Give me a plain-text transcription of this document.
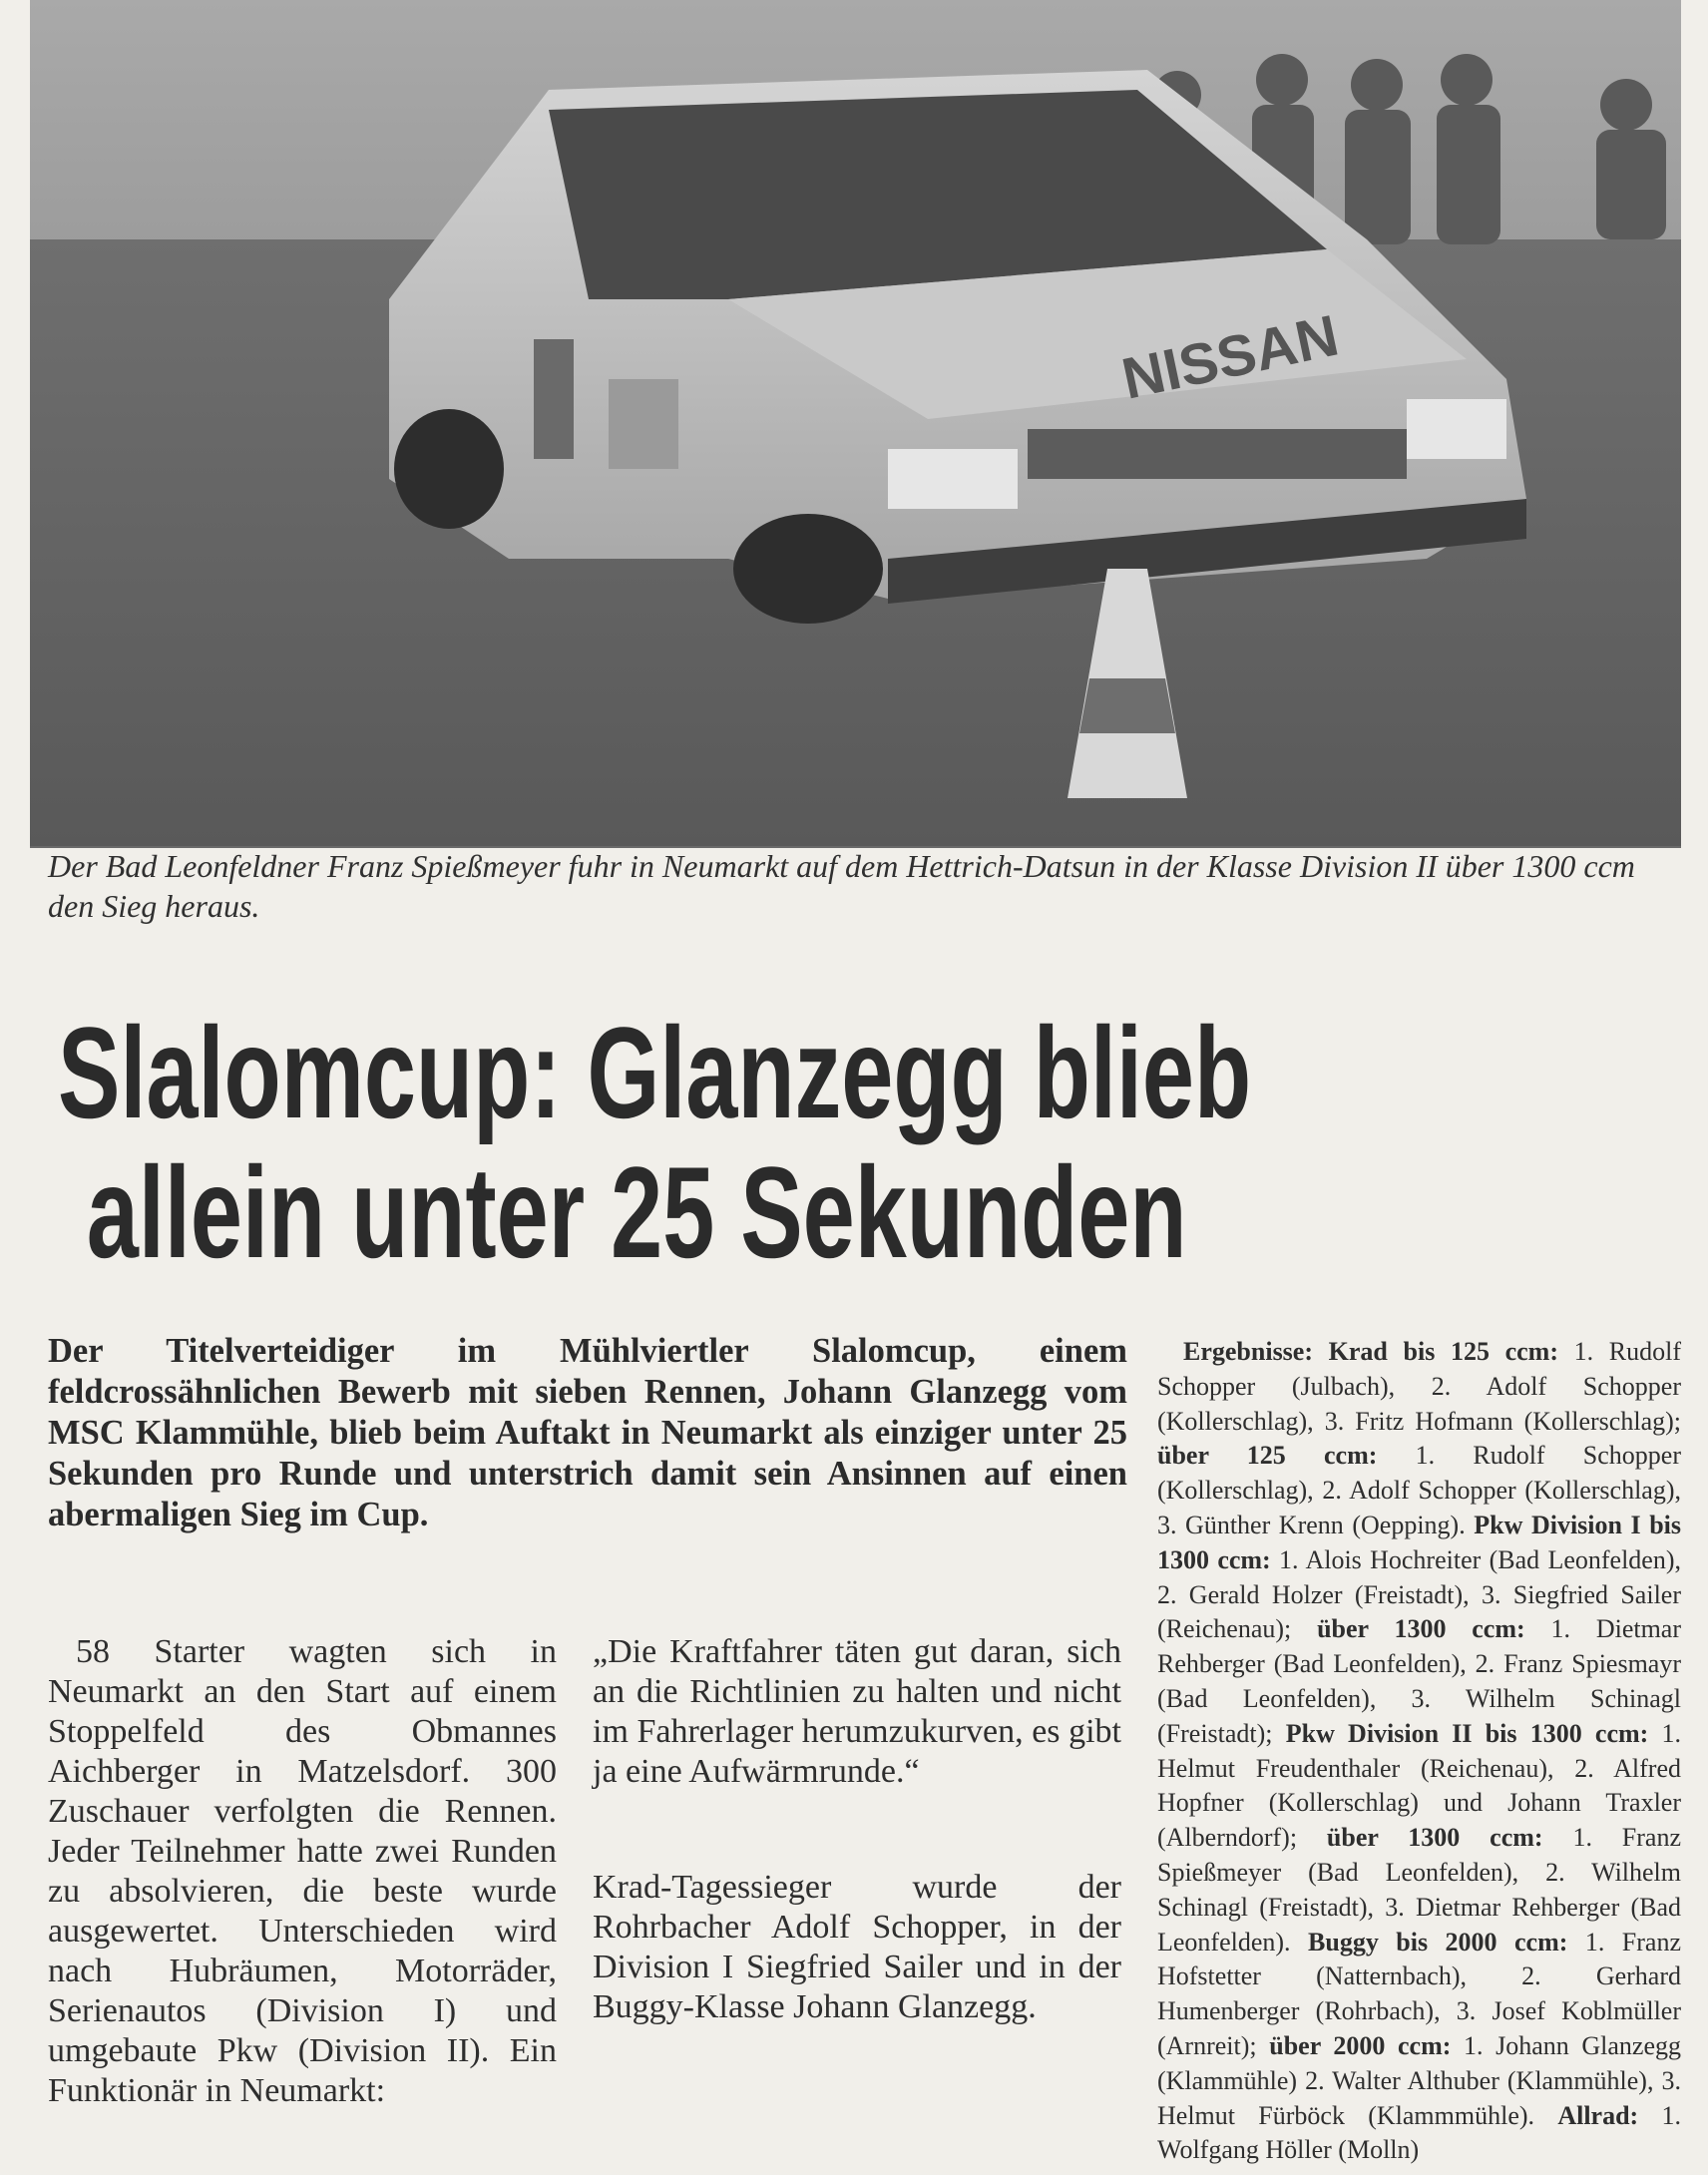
NISSAN
Der Bad Leonfeldner Franz Spießmeyer fuhr in Neumarkt auf dem Hettrich-Datsun in der Klasse Division II über 1300 ccm den Sieg heraus.
Slalomcup: Glanzegg blieb
allein unter 25 Sekunden
Der Titelverteidiger im Mühlviertler Slalomcup, einem feldcrossähnlichen Bewerb mit sieben Rennen, Johann Glanzegg vom MSC Klammühle, blieb beim Auftakt in Neumarkt als einziger unter 25 Sekunden pro Runde und unterstrich damit sein Ansinnen auf einen abermaligen Sieg im Cup.

58 Starter wagten sich in Neumarkt an den Start auf einem Stoppelfeld des Obmannes Aichberger in Matzelsdorf. 300 Zuschauer verfolgten die Rennen. Jeder Teilnehmer hatte zwei Runden zu absolvieren, die beste wurde ausgewertet. Unterschieden wird nach Hubräumen, Motorräder, Serienautos (Division I) und umgebaute Pkw (Division II). Ein Funktionär in Neumarkt:

„Die Kraftfahrer täten gut daran, sich an die Richtlinien zu halten und nicht im Fahrerlager herumzukurven, es gibt ja eine Aufwärmrunde.“

Krad-Tagessieger wurde der Rohrbacher Adolf Schopper, in der Division I Siegfried Sailer und in der Buggy-Klasse Johann Glanzegg.

Ergebnisse: Krad bis 125 ccm: 1. Rudolf Schopper (Julbach), 2. Adolf Schopper (Kollerschlag), 3. Fritz Hofmann (Kollerschlag); über 125 ccm: 1. Rudolf Schopper (Kollerschlag), 2. Adolf Schopper (Kollerschlag), 3. Günther Krenn (Oepping). Pkw Division I bis 1300 ccm: 1. Alois Hochreiter (Bad Leonfelden), 2. Gerald Holzer (Freistadt), 3. Siegfried Sailer (Reichenau); über 1300 ccm: 1. Dietmar Rehberger (Bad Leonfelden), 2. Franz Spiesmayr (Bad Leonfelden), 3. Wilhelm Schinagl (Freistadt); Pkw Division II bis 1300 ccm: 1. Helmut Freudenthaler (Reichenau), 2. Alfred Hopfner (Kollerschlag) und Johann Traxler (Alberndorf); über 1300 ccm: 1. Franz Spießmeyer (Bad Leonfelden), 2. Wilhelm Schinagl (Freistadt), 3. Dietmar Rehberger (Bad Leonfelden). Buggy bis 2000 ccm: 1. Franz Hofstetter (Natternbach), 2. Gerhard Humenberger (Rohrbach), 3. Josef Koblmüller (Arnreit); über 2000 ccm: 1. Johann Glanzegg (Klammühle) 2. Walter Althuber (Klammühle), 3. Helmut Fürböck (Klammmühle). Allrad: 1. Wolfgang Höller (Molln)
